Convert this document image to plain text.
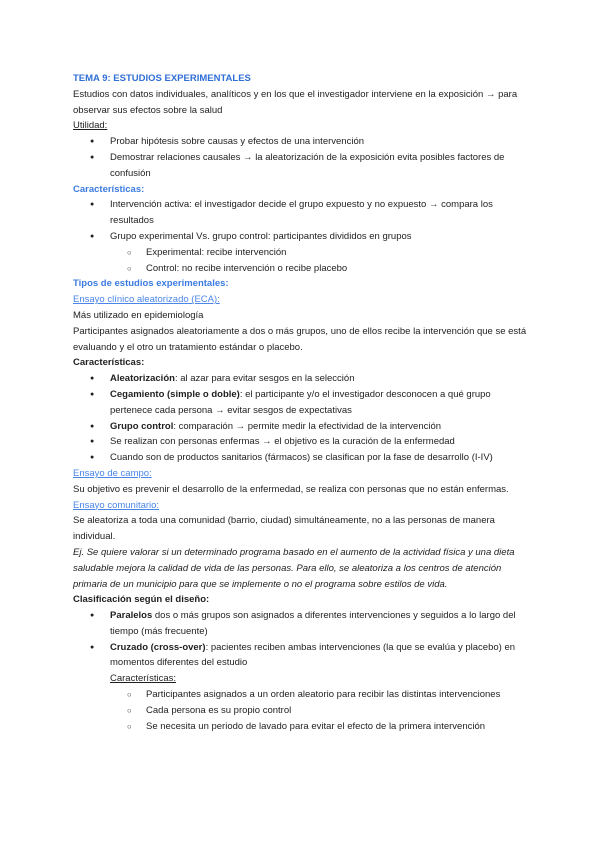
TEMA 9: ESTUDIOS EXPERIMENTALES

Estudios con datos individuales, analíticos y en los que el investigador interviene en la exposición → para observar sus efectos sobre la salud

Utilidad:

● Probar hipótesis sobre causas y efectos de una intervención
● Demostrar relaciones causales → la aleatorización de la exposición evita posibles factores de confusión

Características:

● Intervención activa: el investigador decide el grupo expuesto y no expuesto → compara los resultados
● Grupo experimental Vs. grupo control: participantes divididos en grupos
○ Experimental: recibe intervención
○ Control: no recibe intervención o recibe placebo

Tipos de estudios experimentales:

Ensayo clínico aleatorizado (ECA):

Más utilizado en epidemiología

Participantes asignados aleatoriamente a dos o más grupos, uno de ellos recibe la intervención que se está evaluando y el otro un tratamiento estándar o placebo.

Características:

● Aleatorización: al azar para evitar sesgos en la selección
● Cegamiento (simple o doble): el participante y/o el investigador desconocen a qué grupo pertenece cada persona → evitar sesgos de expectativas
● Grupo control: comparación → permite medir la efectividad de la intervención
● Se realizan con personas enfermas → el objetivo es la curación de la enfermedad
● Cuando son de productos sanitarios (fármacos) se clasifican por la fase de desarrollo (I-IV)

Ensayo de campo:

Su objetivo es prevenir el desarrollo de la enfermedad, se realiza con personas que no están enfermas.

Ensayo comunitario:

Se aleatoriza a toda una comunidad (barrio, ciudad) simultáneamente, no a las personas de manera individual.

Ej. Se quiere valorar si un determinado programa basado en el aumento de la actividad física y una dieta saludable mejora la calidad de vida de las personas. Para ello, se aleatoriza a los centros de atención primaria de un municipio para que se implemente o no el programa sobre estilos de vida.

Clasificación según el diseño:

● Paralelos dos o más grupos son asignados a diferentes intervenciones y seguidos a lo largo del tiempo (más frecuente)
● Cruzado (cross-over): pacientes reciben ambas intervenciones (la que se evalúa y placebo) en momentos diferentes del estudio

Características:

○ Participantes asignados a un orden aleatorio para recibir las distintas intervenciones
○ Cada persona es su propio control
○ Se necesita un periodo de lavado para evitar el efecto de la primera intervención
